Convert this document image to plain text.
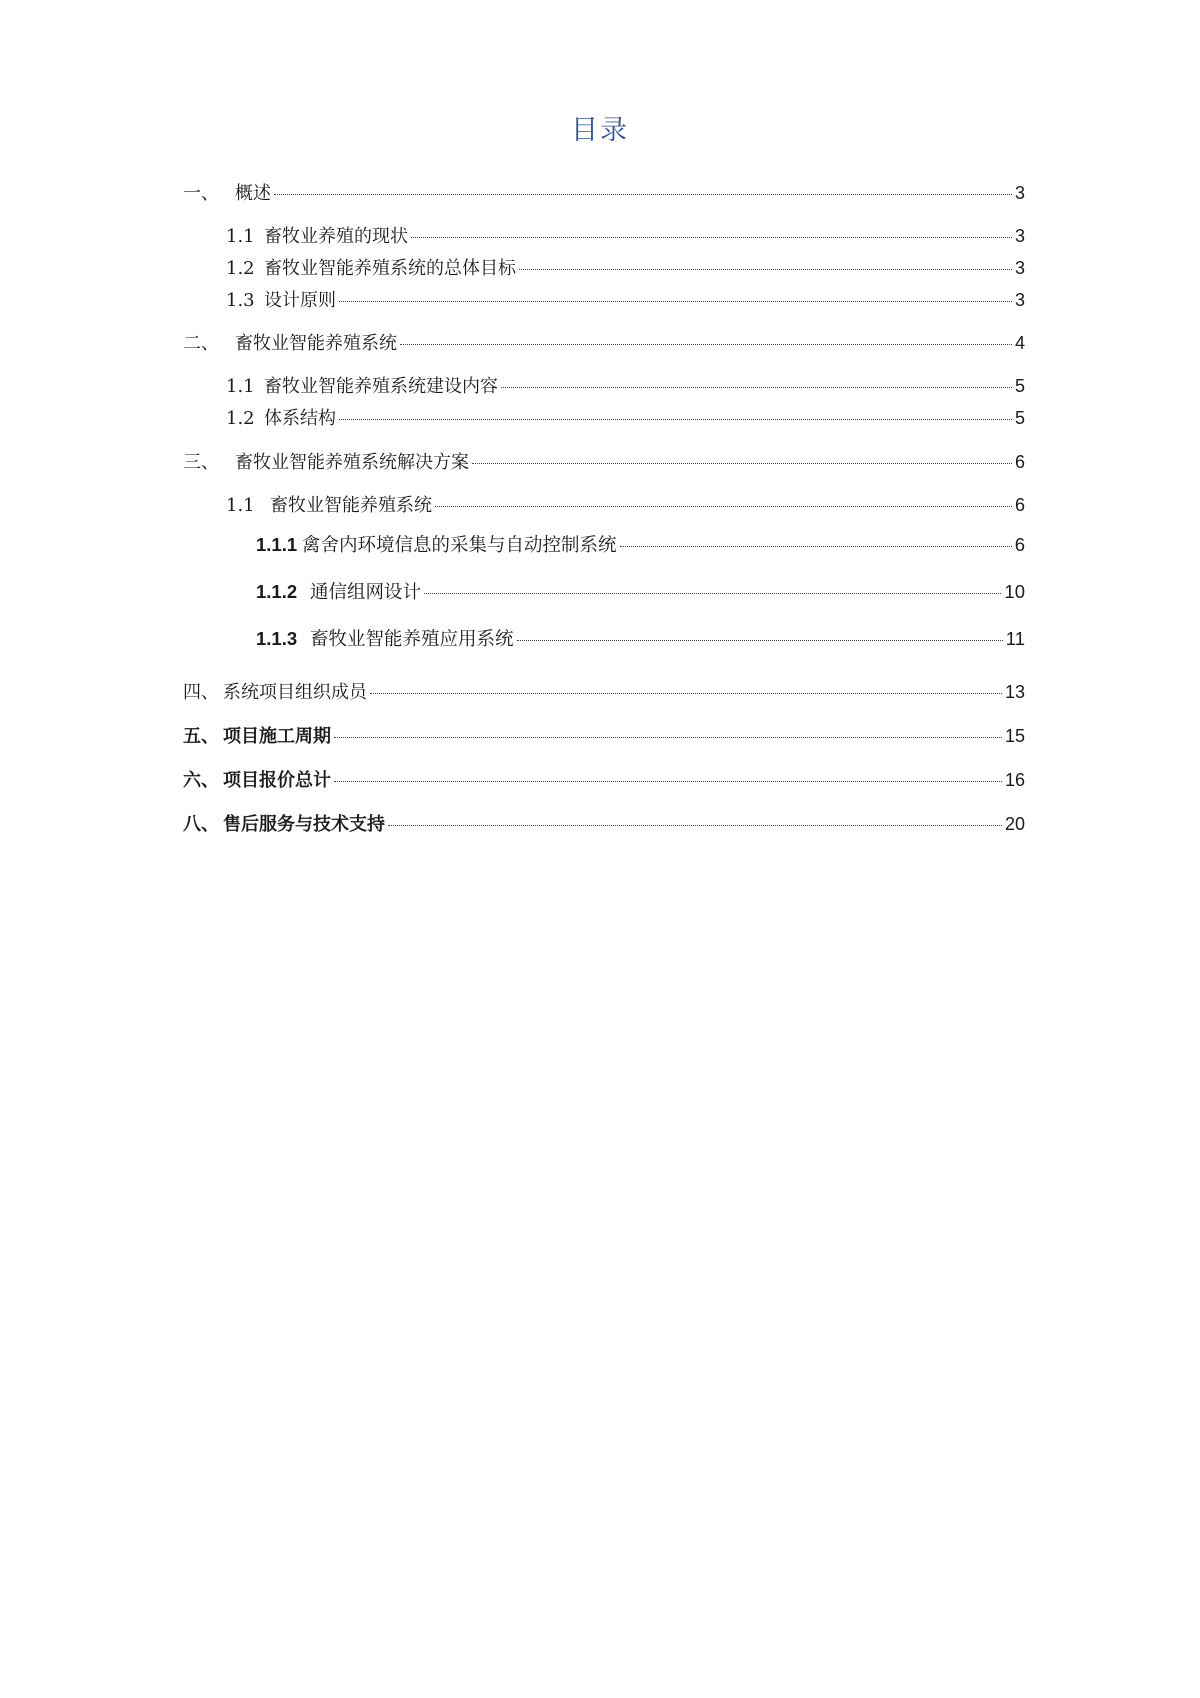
目录
一、 概述	3
1.1 畜牧业养殖的现状	3
1.2 畜牧业智能养殖系统的总体目标	3
1.3 设计原则	3
二、 畜牧业智能养殖系统	4
1.1 畜牧业智能养殖系统建设内容	5
1.2 体系结构	5
三、 畜牧业智能养殖系统解决方案	6
1.1 畜牧业智能养殖系统	6
1.1.1 禽舍内环境信息的采集与自动控制系统	6
1.1.2 通信组网设计	10
1.1.3 畜牧业智能养殖应用系统	11
四、 系统项目组织成员	13
五、 项目施工周期	15
六、 项目报价总计	16
八、 售后服务与技术支持	20
